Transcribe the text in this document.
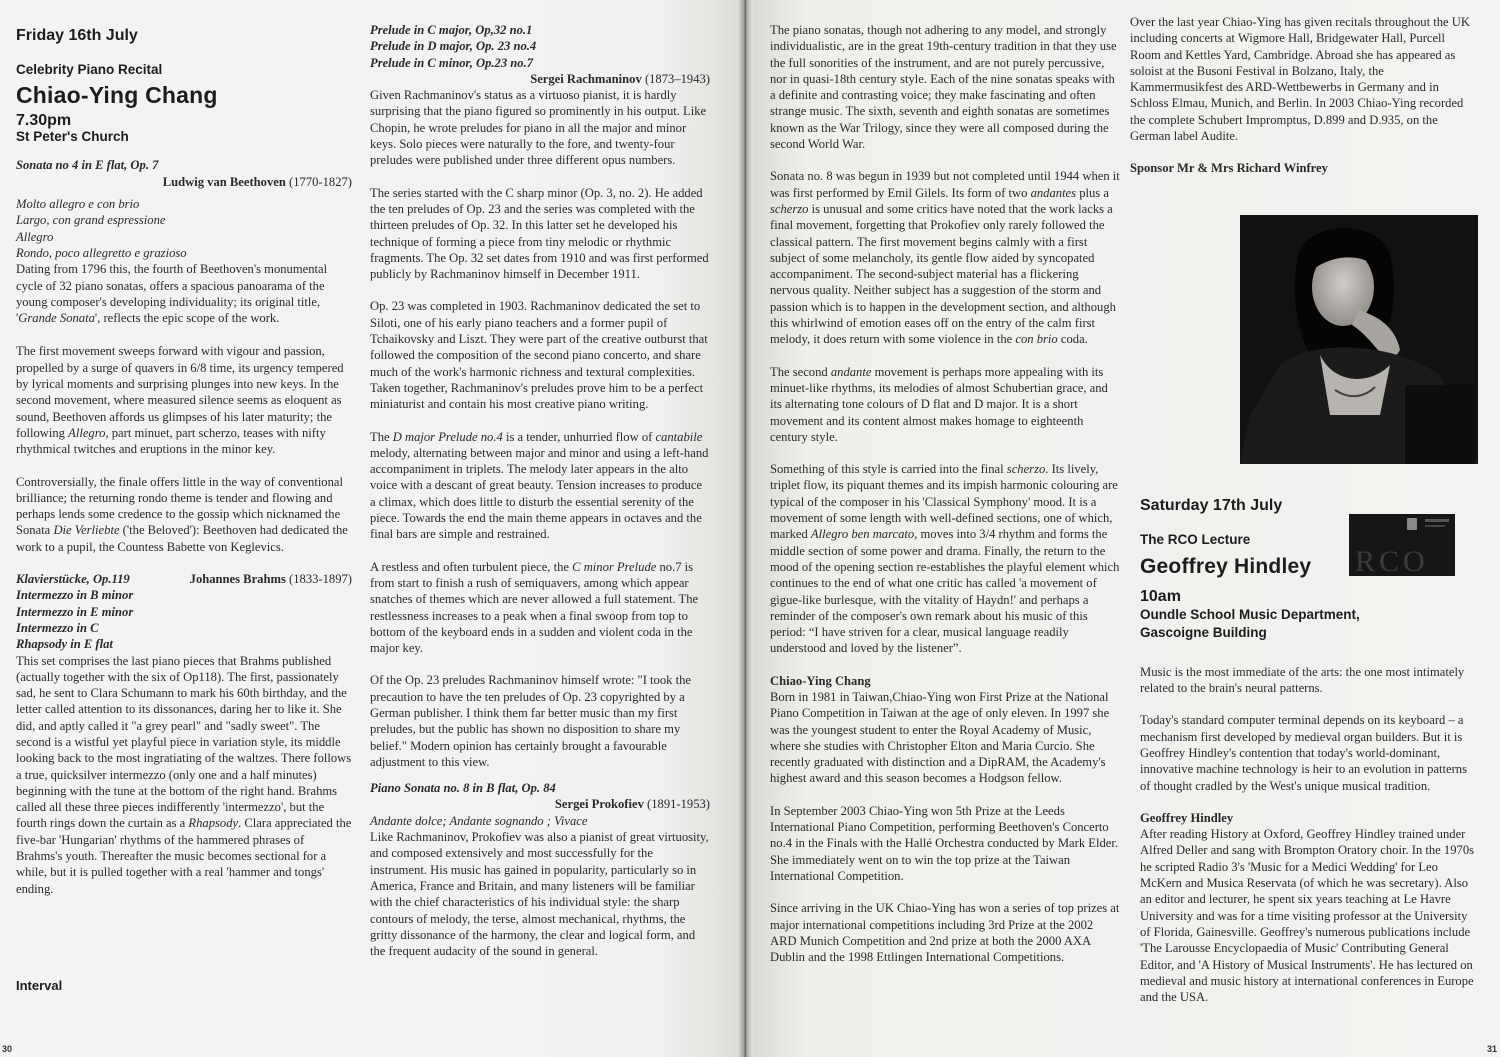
Friday 16th July
Celebrity Piano Recital
Chiao-Ying Chang
7.30pm
St Peter's Church
Sonata no 4 in E flat, Op. 7
Ludwig van Beethoven (1770-1827)
Molto allegro e con brio
Largo, con grand espressione
Allegro
Rondo, poco allegretto e grazioso

Dating from 1796 this, the fourth of Beethoven's monumental cycle of 32 piano sonatas, offers a spacious panoarama of the young composer's developing individuality; its original title, 'Grande Sonata', reflects the epic scope of the work.

The first movement sweeps forward with vigour and passion, propelled by a surge of quavers in 6/8 time, its urgency tempered by lyrical moments and surprising plunges into new keys. In the second movement, where measured silence seems as eloquent as sound, Beethoven affords us glimpses of his later maturity; the following Allegro, part minuet, part scherzo, teases with nifty rhythmical twitches and eruptions in the minor key.

Controversially, the finale offers little in the way of conventional brilliance; the returning rondo theme is tender and flowing and perhaps lends some credence to the gossip which nicknamed the Sonata Die Verliebte ('the Beloved'): Beethoven had dedicated the work to a pupil, the Countess Babette von Keglevics.

Klavierstücke, Op.119	Johannes Brahms (1833-1897)
Intermezzo in B minor
Intermezzo in E minor
Intermezzo in C
Rhapsody in E flat

This set comprises the last piano pieces that Brahms published (actually together with the six of Op118). The first, passionately sad, he sent to Clara Schumann to mark his 60th birthday, and the letter called attention to its dissonances, daring her to like it. She did, and aptly called it "a grey pearl" and "sadly sweet". The second is a wistful yet playful piece in variation style, its middle looking back to the most ingratiating of the waltzes. There follows a true, quicksilver intermezzo (only one and a half minutes) beginning with the tune at the bottom of the right hand. Brahms called all these three pieces indifferently 'intermezzo', but the fourth rings down the curtain as a Rhapsody. Clara appreciated the five-bar 'Hungarian' rhythms of the hammered phrases of Brahms's youth. Thereafter the music becomes sectional for a while, but it is pulled together with a real 'hammer and tongs' ending.

Interval
30
Prelude in C major, Op,32 no.1
Prelude in D major, Op. 23 no.4
Prelude in C minor, Op.23 no.7
Sergei Rachmaninov (1873–1943)

Given Rachmaninov's status as a virtuoso pianist, it is hardly surprising that the piano figured so prominently in his output. Like Chopin, he wrote preludes for piano in all the major and minor keys. Solo pieces were naturally to the fore, and twenty-four preludes were published under three different opus numbers.

The series started with the C sharp minor (Op. 3, no. 2). He added the ten preludes of Op. 23 and the series was completed with the thirteen preludes of Op. 32. In this latter set he developed his technique of forming a piece from tiny melodic or rhythmic fragments. The Op. 32 set dates from 1910 and was first performed publicly by Rachmaninov himself in December 1911.

Op. 23 was completed in 1903. Rachmaninov dedicated the set to Siloti, one of his early piano teachers and a former pupil of Tchaikovsky and Liszt. They were part of the creative outburst that followed the composition of the second piano concerto, and share much of the work's harmonic richness and textural complexities. Taken together, Rachmaninov's preludes prove him to be a perfect miniaturist and contain his most creative piano writing.

The D major Prelude no.4 is a tender, unhurried flow of cantabile melody, alternating between major and minor and using a left-hand accompaniment in triplets. The melody later appears in the alto voice with a descant of great beauty. Tension increases to produce a climax, which does little to disturb the essential serenity of the piece. Towards the end the main theme appears in octaves and the final bars are simple and restrained.

A restless and often turbulent piece, the C minor Prelude no.7 is from start to finish a rush of semiquavers, among which appear snatches of themes which are never allowed a full statement. The restlessness increases to a peak when a final swoop from top to bottom of the keyboard ends in a sudden and violent coda in the major key.

Of the Op. 23 preludes Rachmaninov himself wrote: "I took the precaution to have the ten preludes of Op. 23 copyrighted by a German publisher. I think them far better music than my first preludes, but the public has shown no disposition to share my belief." Modern opinion has certainly brought a favourable adjustment to this view.

Piano Sonata no. 8 in B flat, Op. 84
Sergei Prokofiev (1891-1953)
Andante dolce; Andante sognando ; Vivace

Like Rachmaninov, Prokofiev was also a pianist of great virtuosity, and composed extensively and most successfully for the instrument. His music has gained in popularity, particularly so in America, France and Britain, and many listeners will be familiar with the chief characteristics of his individual style: the sharp contours of melody, the terse, almost mechanical, rhythms, the gritty dissonance of the harmony, the clear and logical form, and the frequent audacity of the sound in general.

The piano sonatas, though not adhering to any model, and strongly individualistic, are in the great 19th-century tradition in that they use the full sonorities of the instrument, and are not purely percussive, nor in quasi-18th century style. Each of the nine sonatas speaks with a definite and contrasting voice; they make fascinating and often strange music. The sixth, seventh and eighth sonatas are sometimes known as the War Trilogy, since they were all composed during the second World War.

Sonata no. 8 was begun in 1939 but not completed until 1944 when it was first performed by Emil Gilels. Its form of two andantes plus a scherzo is unusual and some critics have noted that the work lacks a final movement, forgetting that Prokofiev only rarely followed the classical pattern. The first movement begins calmly with a first subject of some melancholy, its gentle flow aided by syncopated accompaniment. The second-subject material has a flickering nervous quality. Neither subject has a suggestion of the storm and passion which is to happen in the development section, and although this whirlwind of emotion eases off on the entry of the calm first melody, it does return with some violence in the con brio coda.

The second andante movement is perhaps more appealing with its minuet-like rhythms, its melodies of almost Schubertian grace, and its alternating tone colours of D flat and D major. It is a short movement and its content almost makes homage to eighteenth century style.

Something of this style is carried into the final scherzo. Its lively, triplet flow, its piquant themes and its impish harmonic colouring are typical of the composer in his 'Classical Symphony' mood. It is a movement of some length with well-defined sections, one of which, marked Allegro ben marcato, moves into 3/4 rhythm and forms the middle section of some power and drama. Finally, the return to the mood of the opening section re-establishes the playful element which continues to the end of what one critic has called 'a movement of gigue-like burlesque, with the vitality of Haydn!' and perhaps a reminder of the composer's own remark about his music of this period: “I have striven for a clear, musical language readily understood and loved by the listener”.

Chiao-Ying Chang

Born in 1981 in Taiwan,Chiao-Ying won First Prize at the National Piano Competition in Taiwan at the age of only eleven. In 1997 she was the youngest student to enter the Royal Academy of Music, where she studies with Christopher Elton and Maria Curcio. She recently graduated with distinction and a DipRAM, the Academy's highest award and this season becomes a Hodgson fellow.

In September 2003 Chiao-Ying won 5th Prize at the Leeds International Piano Competition, performing Beethoven's Concerto no.4 in the Finals with the Hallé Orchestra conducted by Mark Elder. She immediately went on to win the top prize at the Taiwan International Competition.

Since arriving in the UK Chiao-Ying has won a series of top prizes at major international competitions including 3rd Prize at the 2002 ARD Munich Competition and 2nd prize at both the 2000 AXA Dublin and the 1998 Ettlingen International Competitions.

Over the last year Chiao-Ying has given recitals throughout the UK including concerts at Wigmore Hall, Bridgewater Hall, Purcell Room and Kettles Yard, Cambridge. Abroad she has appeared as soloist at the Busoni Festival in Bolzano, Italy, the Kammermusikfest des ARD-Wettbewerbs in Germany and in Schloss Elmau, Munich, and Berlin. In 2003 Chiao-Ying recorded the complete Schubert Impromptus, D.899 and D.935, on the German label Audite.

Sponsor Mr & Mrs Richard Winfrey
Saturday 17th July
The RCO Lecture
Geoffrey Hindley
10am
Oundle School Music Department,
Gascoigne Building

Music is the most immediate of the arts: the one most intimately related to the brain's neural patterns.

Today's standard computer terminal depends on its keyboard – a mechanism first developed by medieval organ builders. But it is Geoffrey Hindley's contention that today's world-dominant, innovative machine technology is heir to an evolution in patterns of thought cradled by the West's unique musical tradition.

Geoffrey Hindley

After reading History at Oxford, Geoffrey Hindley trained under Alfred Deller and sang with Brompton Oratory choir. In the 1970s he scripted Radio 3's 'Music for a Medici Wedding' for Leo McKern and Musica Reservata (of which he was secretary). Also an editor and lecturer, he spent six years teaching at Le Havre University and was for a time visiting professor at the University of Florida, Gainesville. Geoffrey's numerous publications include 'The Larousse Encyclopaedia of Music' Contributing General Editor, and 'A History of Musical Instruments'. He has lectured on medieval and music history at international conferences in Europe and the USA.

RCO
31
